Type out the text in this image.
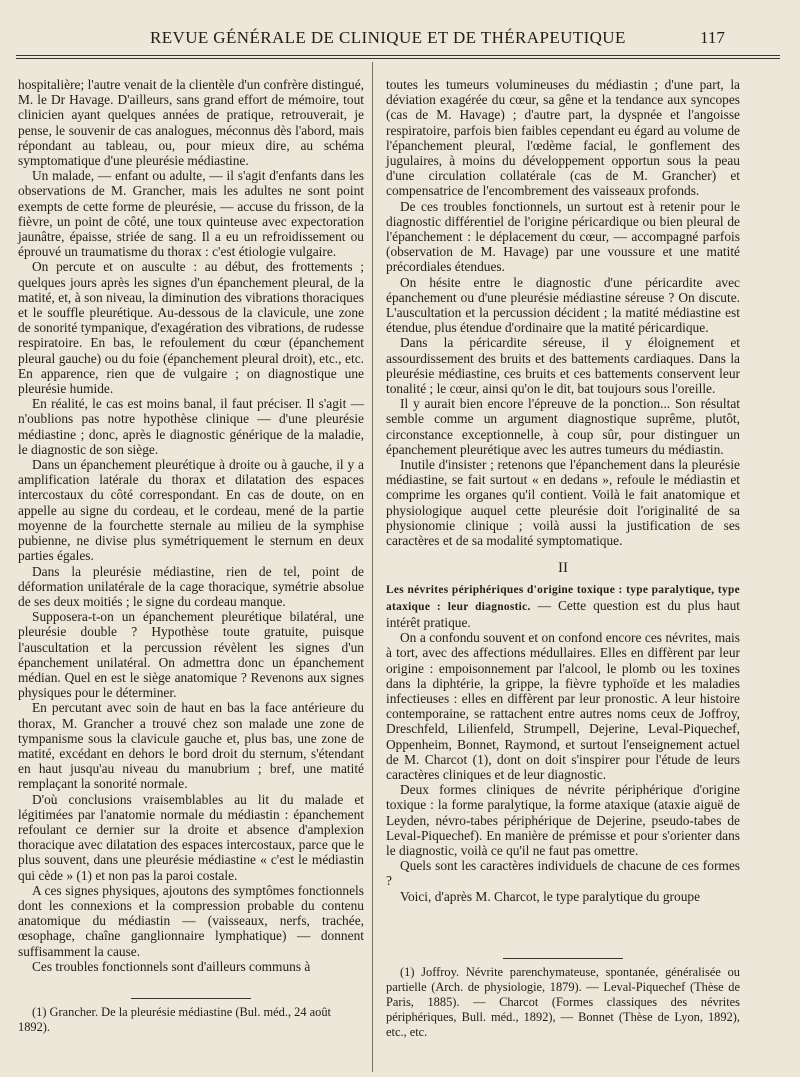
REVUE GÉNÉRALE DE CLINIQUE ET DE THÉRAPEUTIQUE	117

hospitalière; l'autre venait de la clientèle d'un confrère distingué, M. le Dr Havage. D'ailleurs, sans grand effort de mémoire, tout clinicien ayant quelques années de pratique, retrouverait, je pense, le souvenir de cas analogues, méconnus dès l'abord, mais répondant au tableau, ou, pour mieux dire, au schéma symptomatique d'une pleurésie médiastine.

Un malade, — enfant ou adulte, — il s'agit d'enfants dans les observations de M. Grancher, mais les adultes ne sont point exempts de cette forme de pleurésie, — accuse du frisson, de la fièvre, un point de côté, une toux quinteuse avec expectoration jaunâtre, épaisse, striée de sang. Il a eu un refroidissement ou éprouvé un traumatisme du thorax : c'est étiologie vulgaire.

On percute et on ausculte : au début, des frottements ; quelques jours après les signes d'un épanchement pleural, de la matité, et, à son niveau, la diminution des vibrations thoraciques et le souffle pleurétique. Au-dessous de la clavicule, une zone de sonorité tympanique, d'exagération des vibrations, de rudesse respiratoire. En bas, le refoulement du cœur (épanchement pleural gauche) ou du foie (épanchement pleural droit), etc., etc. En apparence, rien que de vulgaire ; on diagnostique une pleurésie humide.

En réalité, le cas est moins banal, il faut préciser. Il s'agit — n'oublions pas notre hypothèse clinique — d'une pleurésie médiastine ; donc, après le diagnostic générique de la maladie, le diagnostic de son siège.

Dans un épanchement pleurétique à droite ou à gauche, il y a amplification latérale du thorax et dilatation des espaces intercostaux du côté correspondant. En cas de doute, on en appelle au signe du cordeau, et le cordeau, mené de la partie moyenne de la fourchette sternale au milieu de la symphise pubienne, ne divise plus symétriquement le sternum en deux parties égales.

Dans la pleurésie médiastine, rien de tel, point de déformation unilatérale de la cage thoracique, symétrie absolue de ses deux moitiés ; le signe du cordeau manque.

Supposera-t-on un épanchement pleurétique bilatéral, une pleurésie double ? Hypothèse toute gratuite, puisque l'auscultation et la percussion révèlent les signes d'un épanchement unilatéral. On admettra donc un épanchement médian. Quel en est le siège anatomique ? Revenons aux signes physiques pour le déterminer.

En percutant avec soin de haut en bas la face antérieure du thorax, M. Grancher a trouvé chez son malade une zone de tympanisme sous la clavicule gauche et, plus bas, une zone de matité, excédant en dehors le bord droit du sternum, s'étendant en haut jusqu'au niveau du manubrium ; bref, une matité remplaçant la sonorité normale.

D'où conclusions vraisemblables au lit du malade et légitimées par l'anatomie normale du médiastin : épanchement refoulant ce dernier sur la droite et absence d'amplexion thoracique avec dilatation des espaces intercostaux, parce que le plus souvent, dans une pleurésie médiastine « c'est le médiastin qui cède » (1) et non pas la paroi costale.

A ces signes physiques, ajoutons des symptômes fonctionnels dont les connexions et la compression probable du contenu anatomique du médiastin — (vaisseaux, nerfs, trachée, œsophage, chaîne ganglionnaire lymphatique) — donnent suffisamment la cause.

Ces troubles fonctionnels sont d'ailleurs communs à

(1) Grancher. De la pleurésie médiastine (Bul. méd., 24 août 1892).

toutes les tumeurs volumineuses du médiastin ; d'une part, la déviation exagérée du cœur, sa gêne et la tendance aux syncopes (cas de M. Havage) ; d'autre part, la dyspnée et l'angoisse respiratoire, parfois bien faibles cependant eu égard au volume de l'épanchement pleural, l'œdème facial, le gonflement des jugulaires, à moins du développement opportun sous la peau d'une circulation collatérale (cas de M. Grancher) et compensatrice de l'encombrement des vaisseaux profonds.

De ces troubles fonctionnels, un surtout est à retenir pour le diagnostic différentiel de l'origine péricardique ou bien pleural de l'épanchement : le déplacement du cœur, — accompagné parfois (observation de M. Havage) par une voussure et une matité précordiales étendues.

On hésite entre le diagnostic d'une péricardite avec épanchement ou d'une pleurésie médiastine séreuse ? On discute. L'auscultation et la percussion décident ; la matité médiastine est étendue, plus étendue d'ordinaire que la matité péricardique.

Dans la péricardite séreuse, il y éloignement et assourdissement des bruits et des battements cardiaques. Dans la pleurésie médiastine, ces bruits et ces battements conservent leur tonalité ; le cœur, ainsi qu'on le dit, bat toujours sous l'oreille.

Il y aurait bien encore l'épreuve de la ponction... Son résultat semble comme un argument diagnostique suprême, plutôt, circonstance exceptionnelle, à coup sûr, pour distinguer un épanchement pleurétique avec les autres tumeurs du médiastin.

Inutile d'insister ; retenons que l'épanchement dans la pleurésie médiastine, se fait surtout « en dedans », refoule le médiastin et comprime les organes qu'il contient. Voilà le fait anatomique et physiologique auquel cette pleurésie doit l'originalité de sa physionomie clinique ; voilà aussi la justification de ses caractères et de sa modalité symptomatique.

II

Les névrites périphériques d'origine toxique : type paralytique, type ataxique : leur diagnostic. — Cette question est du plus haut intérêt pratique.

On a confondu souvent et on confond encore ces névrites, mais à tort, avec des affections médullaires. Elles en diffèrent par leur origine : empoisonnement par l'alcool, le plomb ou les toxines dans la diphtérie, la grippe, la fièvre typhoïde et les maladies infectieuses : elles en diffèrent par leur pronostic. A leur histoire contemporaine, se rattachent entre autres noms ceux de Joffroy, Dreschfeld, Lilienfeld, Strumpell, Dejerine, Leval-Piquechef, Oppenheim, Bonnet, Raymond, et surtout l'enseignement actuel de M. Charcot (1), dont on doit s'inspirer pour l'étude de leurs caractères cliniques et de leur diagnostic.

Deux formes cliniques de névrite périphérique d'origine toxique : la forme paralytique, la forme ataxique (ataxie aiguë de Leyden, névro-tabes périphérique de Dejerine, pseudo-tabes de Leval-Piquechef). En manière de prémisse et pour s'orienter dans le diagnostic, voilà ce qu'il ne faut pas omettre.

Quels sont les caractères individuels de chacune de ces formes ?

Voici, d'après M. Charcot, le type paralytique du groupe

(1) Joffroy. Névrite parenchymateuse, spontanée, généralisée ou partielle (Arch. de physiologie, 1879). — Leval-Piquechef (Thèse de Paris, 1885). — Charcot (Formes classiques des névrites périphériques, Bull. méd., 1892), — Bonnet (Thèse de Lyon, 1892), etc., etc.
